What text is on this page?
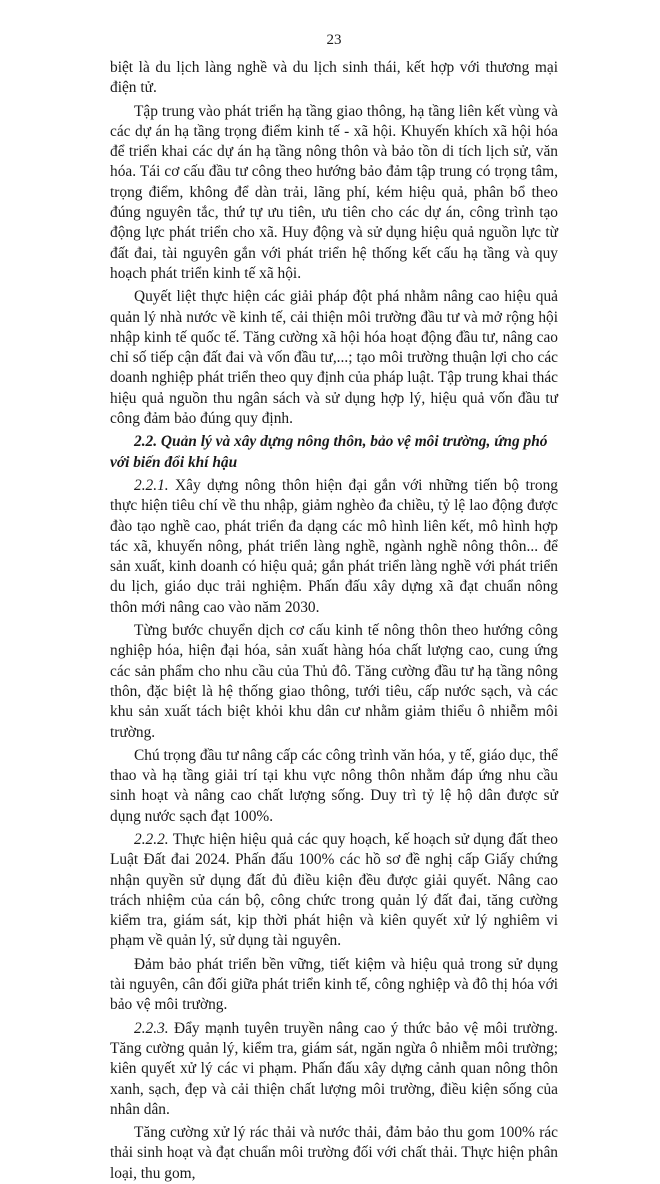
23

biệt là du lịch làng nghề và du lịch sinh thái, kết hợp với thương mại điện tử.

Tập trung vào phát triển hạ tầng giao thông, hạ tầng liên kết vùng và các dự án hạ tầng trọng điểm kinh tế - xã hội. Khuyến khích xã hội hóa để triển khai các dự án hạ tầng nông thôn và bảo tồn di tích lịch sử, văn hóa. Tái cơ cấu đầu tư công theo hướng bảo đảm tập trung có trọng tâm, trọng điểm, không để dàn trải, lãng phí, kém hiệu quả, phân bổ theo đúng nguyên tắc, thứ tự ưu tiên, ưu tiên cho các dự án, công trình tạo động lực phát triển cho xã. Huy động và sử dụng hiệu quả nguồn lực từ đất đai, tài nguyên gắn với phát triển hệ thống kết cấu hạ tầng và quy hoạch phát triển kinh tế xã hội.

Quyết liệt thực hiện các giải pháp đột phá nhằm nâng cao hiệu quả quản lý nhà nước về kinh tế, cải thiện môi trường đầu tư và mở rộng hội nhập kinh tế quốc tế. Tăng cường xã hội hóa hoạt động đầu tư, nâng cao chỉ số tiếp cận đất đai và vốn đầu tư,...; tạo môi trường thuận lợi cho các doanh nghiệp phát triển theo quy định của pháp luật. Tập trung khai thác hiệu quả nguồn thu ngân sách và sử dụng hợp lý, hiệu quả vốn đầu tư công đảm bảo đúng quy định.

2.2. Quản lý và xây dựng nông thôn, bảo vệ môi trường, ứng phó với biến đổi khí hậu

2.2.1. Xây dựng nông thôn hiện đại gắn với những tiến bộ trong thực hiện tiêu chí về thu nhập, giảm nghèo đa chiều, tỷ lệ lao động được đào tạo nghề cao, phát triển đa dạng các mô hình liên kết, mô hình hợp tác xã, khuyến nông, phát triển làng nghề, ngành nghề nông thôn... để sản xuất, kinh doanh có hiệu quả; gắn phát triển làng nghề với phát triển du lịch, giáo dục trải nghiệm. Phấn đấu xây dựng xã đạt chuẩn nông thôn mới nâng cao vào năm 2030.

Từng bước chuyển dịch cơ cấu kinh tế nông thôn theo hướng công nghiệp hóa, hiện đại hóa, sản xuất hàng hóa chất lượng cao, cung ứng các sản phẩm cho nhu cầu của Thủ đô. Tăng cường đầu tư hạ tầng nông thôn, đặc biệt là hệ thống giao thông, tưới tiêu, cấp nước sạch, và các khu sản xuất tách biệt khỏi khu dân cư nhằm giảm thiểu ô nhiễm môi trường.

Chú trọng đầu tư nâng cấp các công trình văn hóa, y tế, giáo dục, thể thao và hạ tầng giải trí tại khu vực nông thôn nhằm đáp ứng nhu cầu sinh hoạt và nâng cao chất lượng sống. Duy trì tỷ lệ hộ dân được sử dụng nước sạch đạt 100%.

2.2.2. Thực hiện hiệu quả các quy hoạch, kế hoạch sử dụng đất theo Luật Đất đai 2024. Phấn đấu 100% các hồ sơ đề nghị cấp Giấy chứng nhận quyền sử dụng đất đủ điều kiện đều được giải quyết. Nâng cao trách nhiệm của cán bộ, công chức trong quản lý đất đai, tăng cường kiểm tra, giám sát, kịp thời phát hiện và kiên quyết xử lý nghiêm vi phạm về quản lý, sử dụng tài nguyên.

Đảm bảo phát triển bền vững, tiết kiệm và hiệu quả trong sử dụng tài nguyên, cân đối giữa phát triển kinh tế, công nghiệp và đô thị hóa với bảo vệ môi trường.

2.2.3. Đẩy mạnh tuyên truyền nâng cao ý thức bảo vệ môi trường. Tăng cường quản lý, kiểm tra, giám sát, ngăn ngừa ô nhiễm môi trường; kiên quyết xử lý các vi phạm. Phấn đấu xây dựng cảnh quan nông thôn xanh, sạch, đẹp và cải thiện chất lượng môi trường, điều kiện sống của nhân dân.

Tăng cường xử lý rác thải và nước thải, đảm bảo thu gom 100% rác thải sinh hoạt và đạt chuẩn môi trường đối với chất thải. Thực hiện phân loại, thu gom,
